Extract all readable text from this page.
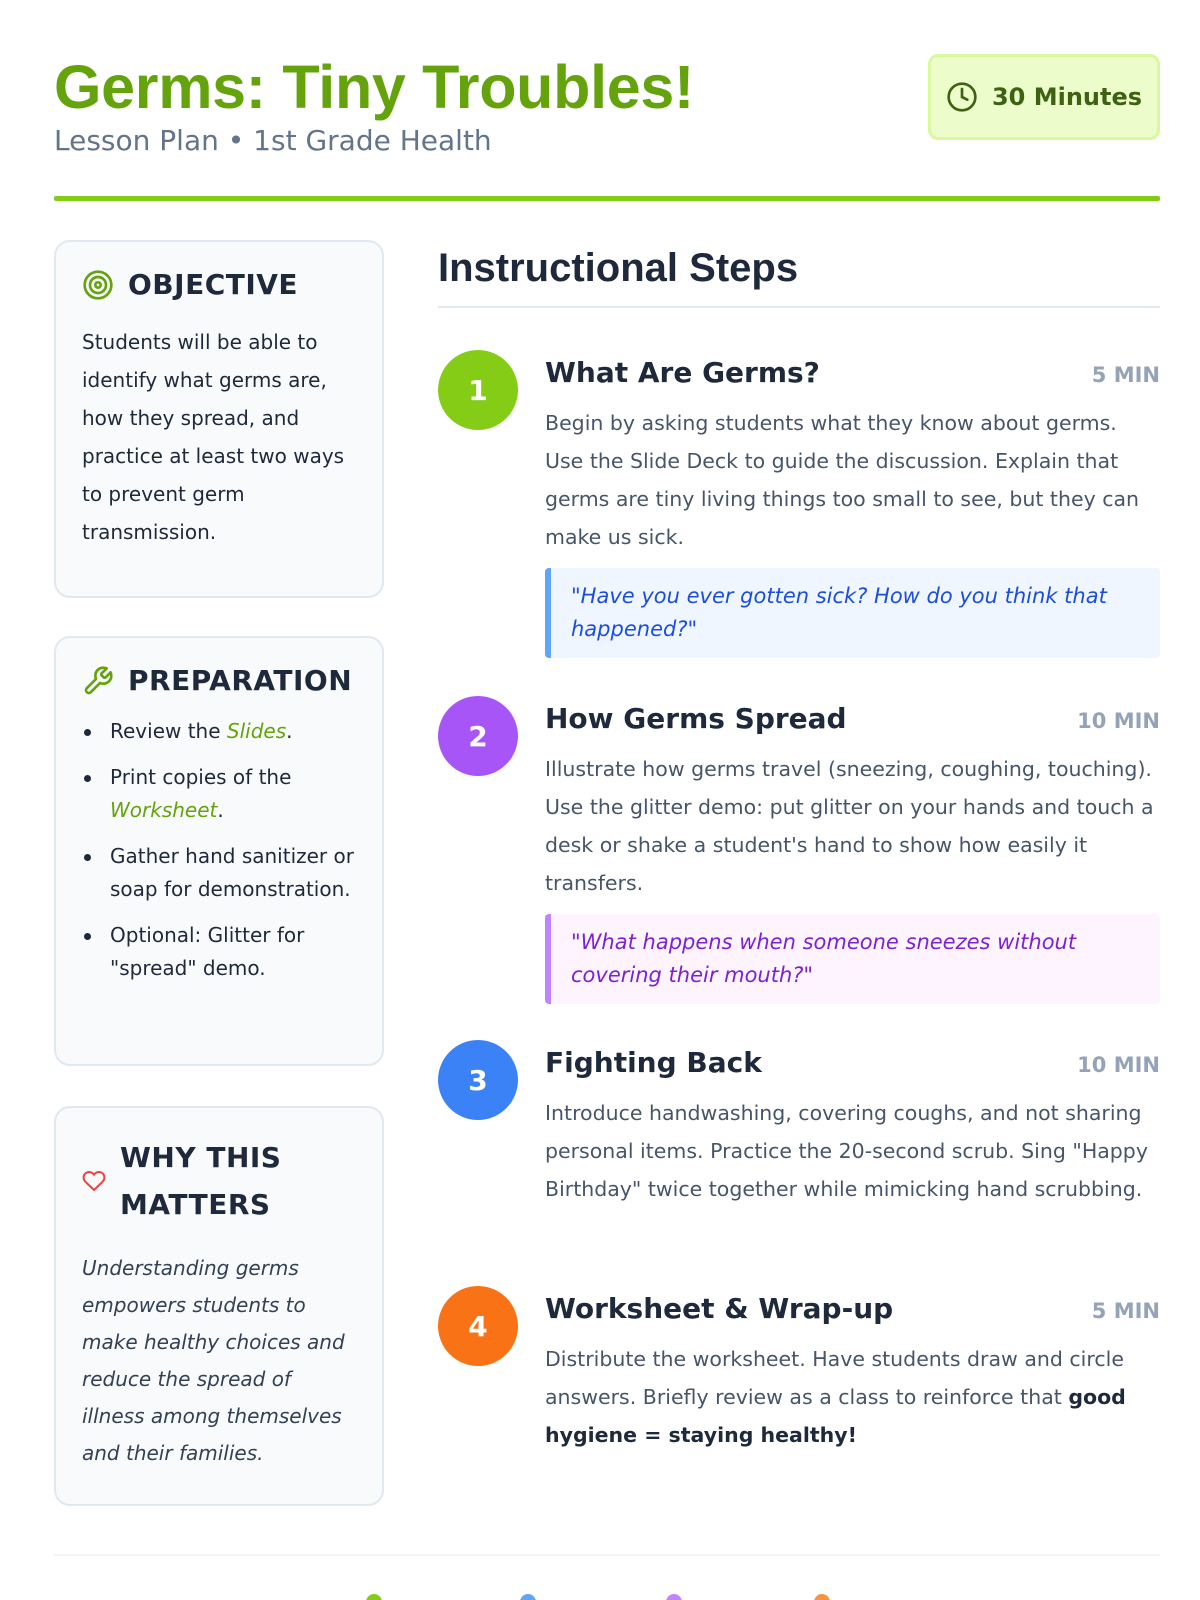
Germs: Tiny Troubles!
Lesson Plan • 1st Grade Health
30 Minutes
OBJECTIVE
Students will be able to identify what germs are, how they spread, and practice at least two ways to prevent germ transmission.
PREPARATION
Review the Slides.
Print copies of the Worksheet.
Gather hand sanitizer or soap for demonstration.
Optional: Glitter for "spread" demo.
WHY THIS MATTERS
Understanding germs empowers students to make healthy choices and reduce the spread of illness among themselves and their families.
Instructional Steps
1
What Are Germs?	5 MIN
Begin by asking students what they know about germs. Use the Slide Deck to guide the discussion. Explain that germs are tiny living things too small to see, but they can make us sick.
"Have you ever gotten sick? How do you think that happened?"
2
How Germs Spread	10 MIN
Illustrate how germs travel (sneezing, coughing, touching). Use the glitter demo: put glitter on your hands and touch a desk or shake a student's hand to show how easily it transfers.
"What happens when someone sneezes without covering their mouth?"
3
Fighting Back	10 MIN
Introduce handwashing, covering coughs, and not sharing personal items. Practice the 20-second scrub. Sing "Happy Birthday" twice together while mimicking hand scrubbing.
4
Worksheet & Wrap-up	5 MIN
Distribute the worksheet. Have students draw and circle answers. Briefly review as a class to reinforce that good hygiene = staying healthy!
